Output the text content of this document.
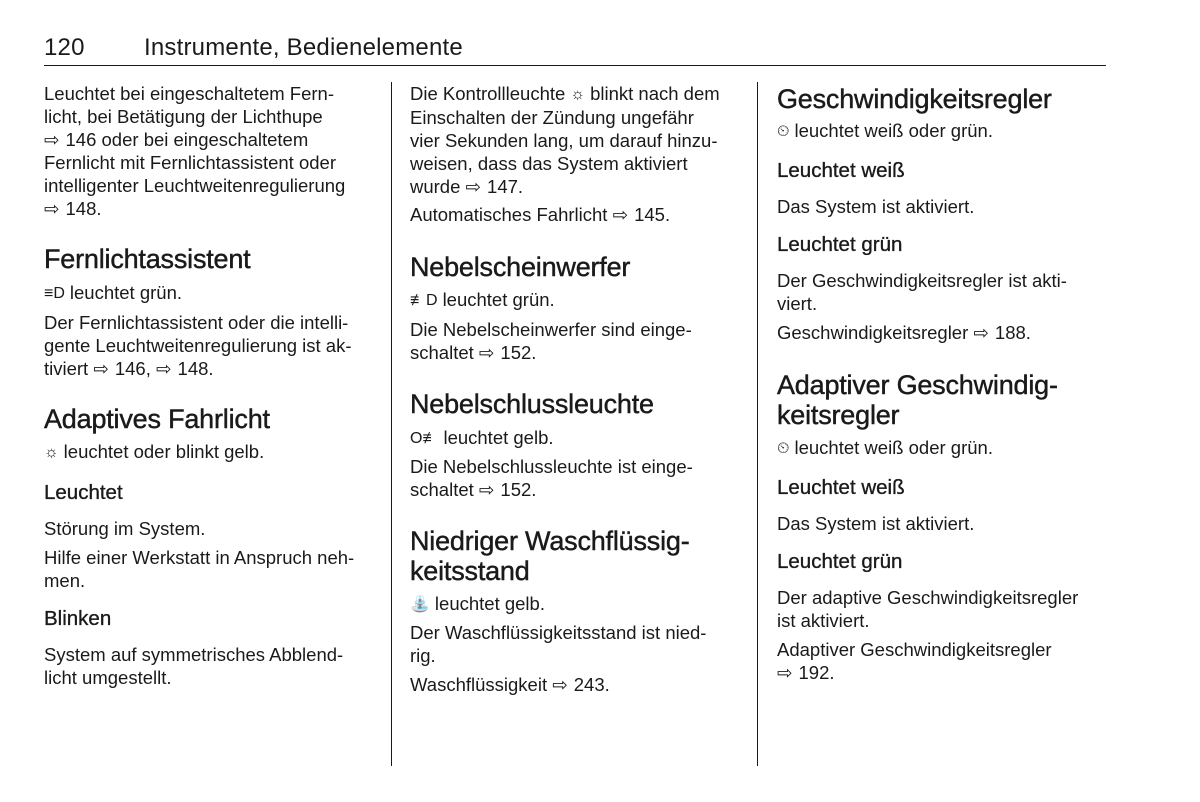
120 Instrumente, Bedienelemente
Leuchtet bei eingeschaltetem Fern-
licht, bei Betätigung der Lichthupe
⇨ 146 oder bei eingeschaltetem
Fernlicht mit Fernlichtassistent oder
intelligenter Leuchtweitenregulierung
⇨ 148.
Fernlichtassistent
≡D leuchtet grün.
Der Fernlichtassistent oder die intelli-
gente Leuchtweitenregulierung ist ak-
tiviert ⇨ 146, ⇨ 148.
Adaptives Fahrlicht
☼ leuchtet oder blinkt gelb.
Leuchtet
Störung im System.
Hilfe einer Werkstatt in Anspruch neh-
men.
Blinken
System auf symmetrisches Abblend-
licht umgestellt.
Die Kontrollleuchte ☼ blinkt nach dem
Einschalten der Zündung ungefähr
vier Sekunden lang, um darauf hinzu-
weisen, dass das System aktiviert
wurde ⇨ 147.
Automatisches Fahrlicht ⇨ 145.
Nebelscheinwerfer
≢D leuchtet grün.
Die Nebelscheinwerfer sind einge-
schaltet ⇨ 152.
Nebelschlussleuchte
O≢ leuchtet gelb.
Die Nebelschlussleuchte ist einge-
schaltet ⇨ 152.
Niedriger Waschflüssig-
keitsstand
⛲ leuchtet gelb.
Der Waschflüssigkeitsstand ist nied-
rig.
Waschflüssigkeit ⇨ 243.
Geschwindigkeitsregler
⏲ leuchtet weiß oder grün.
Leuchtet weiß
Das System ist aktiviert.
Leuchtet grün
Der Geschwindigkeitsregler ist akti-
viert.
Geschwindigkeitsregler ⇨ 188.
Adaptiver Geschwindig-
keitsregler
⏲ leuchtet weiß oder grün.
Leuchtet weiß
Das System ist aktiviert.
Leuchtet grün
Der adaptive Geschwindigkeitsregler
ist aktiviert.
Adaptiver Geschwindigkeitsregler
⇨ 192.
